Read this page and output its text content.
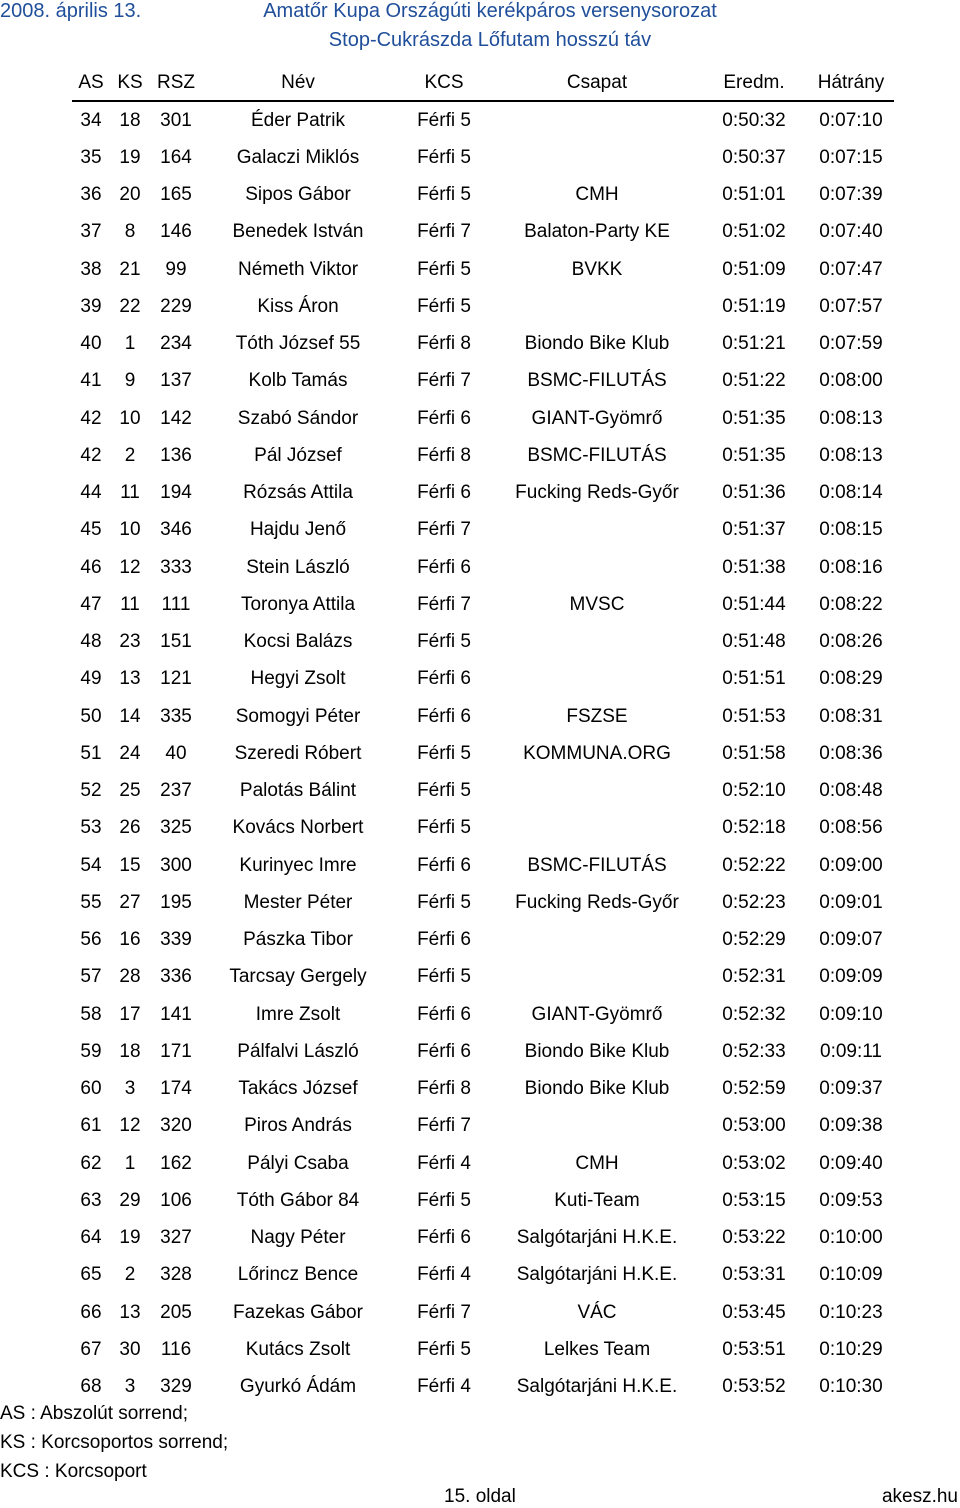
2008. április 13.	Amatőr Kupa Országúti kerékpáros versenysorozat
Stop-Cukrászda Lőfutam hosszú táv
AS	KS	RSZ	Név	KCS	Csapat	Eredm.	Hátrány
34	18	301	Éder Patrik	Férfi 5		0:50:32	0:07:10
35	19	164	Galaczi Miklós	Férfi 5		0:50:37	0:07:15
36	20	165	Sipos Gábor	Férfi 5	CMH	0:51:01	0:07:39
37	8	146	Benedek István	Férfi 7	Balaton-Party KE	0:51:02	0:07:40
38	21	99	Németh Viktor	Férfi 5	BVKK	0:51:09	0:07:47
39	22	229	Kiss Áron	Férfi 5		0:51:19	0:07:57
40	1	234	Tóth József 55	Férfi 8	Biondo Bike Klub	0:51:21	0:07:59
41	9	137	Kolb Tamás	Férfi 7	BSMC-FILUTÁS	0:51:22	0:08:00
42	10	142	Szabó Sándor	Férfi 6	GIANT-Gyömrő	0:51:35	0:08:13
42	2	136	Pál József	Férfi 8	BSMC-FILUTÁS	0:51:35	0:08:13
44	11	194	Rózsás Attila	Férfi 6	Fucking Reds-Győr	0:51:36	0:08:14
45	10	346	Hajdu Jenő	Férfi 7		0:51:37	0:08:15
46	12	333	Stein László	Férfi 6		0:51:38	0:08:16
47	11	111	Toronya Attila	Férfi 7	MVSC	0:51:44	0:08:22
48	23	151	Kocsi Balázs	Férfi 5		0:51:48	0:08:26
49	13	121	Hegyi Zsolt	Férfi 6		0:51:51	0:08:29
50	14	335	Somogyi Péter	Férfi 6	FSZSE	0:51:53	0:08:31
51	24	40	Szeredi Róbert	Férfi 5	KOMMUNA.ORG	0:51:58	0:08:36
52	25	237	Palotás Bálint	Férfi 5		0:52:10	0:08:48
53	26	325	Kovács Norbert	Férfi 5		0:52:18	0:08:56
54	15	300	Kurinyec Imre	Férfi 6	BSMC-FILUTÁS	0:52:22	0:09:00
55	27	195	Mester Péter	Férfi 5	Fucking Reds-Győr	0:52:23	0:09:01
56	16	339	Pászka Tibor	Férfi 6		0:52:29	0:09:07
57	28	336	Tarcsay Gergely	Férfi 5		0:52:31	0:09:09
58	17	141	Imre Zsolt	Férfi 6	GIANT-Gyömrő	0:52:32	0:09:10
59	18	171	Pálfalvi László	Férfi 6	Biondo Bike Klub	0:52:33	0:09:11
60	3	174	Takács József	Férfi 8	Biondo Bike Klub	0:52:59	0:09:37
61	12	320	Piros András	Férfi 7		0:53:00	0:09:38
62	1	162	Pályi Csaba	Férfi 4	CMH	0:53:02	0:09:40
63	29	106	Tóth Gábor 84	Férfi 5	Kuti-Team	0:53:15	0:09:53
64	19	327	Nagy Péter	Férfi 6	Salgótarjáni H.K.E.	0:53:22	0:10:00
65	2	328	Lőrincz Bence	Férfi 4	Salgótarjáni H.K.E.	0:53:31	0:10:09
66	13	205	Fazekas Gábor	Férfi 7	VÁC	0:53:45	0:10:23
67	30	116	Kutács Zsolt	Férfi 5	Lelkes Team	0:53:51	0:10:29
68	3	329	Gyurkó Ádám	Férfi 4	Salgótarjáni H.K.E.	0:53:52	0:10:30
AS : Abszolút sorrend;
KS : Korcsoportos sorrend;
KCS : Korcsoport
15. oldal	akesz.hu
